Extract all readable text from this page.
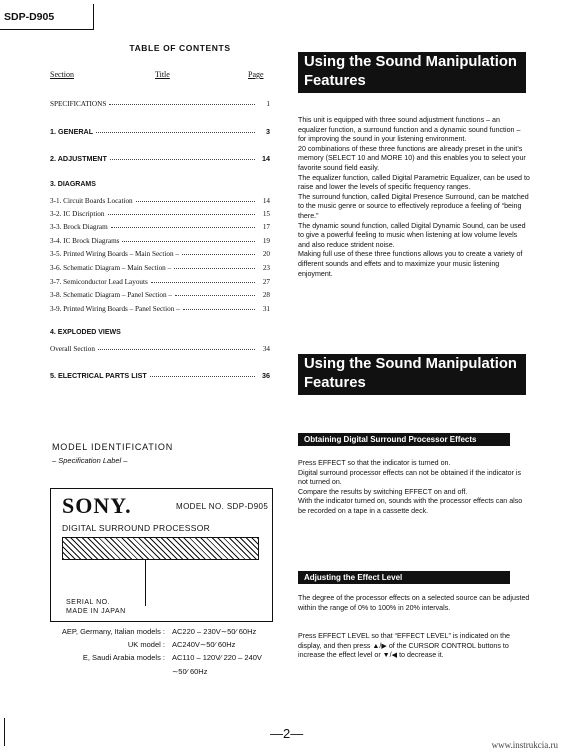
SDP-D905
TABLE OF CONTENTS
Section	Title	Page
SPECIFICATIONS	1
1. GENERAL	3
2. ADJUSTMENT	14
3. DIAGRAMS
3-1. Circuit Boards Location	14
3-2. IC Discription	15
3-3. Brock Diagram	17
3-4. IC Brock Diagrams	19
3-5. Printed Wiring Boards – Main Section –	20
3-6. Schematic Diagram – Main Section –	23
3-7. Semiconductor Lead Layouts	27
3-8. Schematic Diagram – Panel Section –	28
3-9. Printed Wiring Boards – Panel Section –	31
4. EXPLODED VIEWS
Overall Section	34
5. ELECTRICAL PARTS LIST	36
MODEL IDENTIFICATION
– Specification Label –
SONY.	MODEL NO. SDP-D905
DIGITAL SURROUND PROCESSOR
SERIAL NO.
MADE IN JAPAN
AEP, Germany, Italian models : AC220 – 230V∼50⁄ 60Hz
UK model : AC240V∼50⁄ 60Hz
E, Saudi Arabia models : AC110 – 120V⁄ 220 – 240V
∼50⁄ 60Hz
Using the Sound Manipulation Features

This unit is equipped with three sound adjustment functions – an equalizer function, a surround function and a dynamic sound function – for improving the sound in your listening environment.

20 combinations of these three functions are already preset in the unit’s memory (SELECT 10 and MORE 10) and this enables you to select your favorite sound field easily.

The equalizer function, called Digital Parametric Equalizer, can be used to raise and lower the levels of specific frequency ranges.

The surround function, called Digital Presence Surround, can be matched to the music genre or source to effectively reproduce a feeling of “being there.”

The dynamic sound function, called Digital Dynamic Sound, can be used to give a powerful feeling to music when listening at low volume levels and also reduce strident noise.

Making full use of these three functions allows you to create a variety of different sounds and effets and to maximize your music listening enjoyment.

Using the Sound Manipulation Features
Obtaining Digital Surround Processor Effects

Press EFFECT so that the indicator is turned on.

Digital surround processor effects can not be obtained if the indicator is not turned on.

Compare the results by switching EFFECT on and off.

With the indicator turned on, sounds with the processor effects can also be recorded on a tape in a cassette deck.

Adjusting the Effect Level
The degree of the processor effects on a selected source can be adjusted within the range of 0% to 100% in 20% intervals.
Press EFFECT LEVEL so that “EFFECT LEVEL” is indicated on the display, and then press ▲/▶ of the CURSOR CONTROL buttons to increase the effect level or ▼/◀ to decrease it.
—2—
www.instrukcia.ru
